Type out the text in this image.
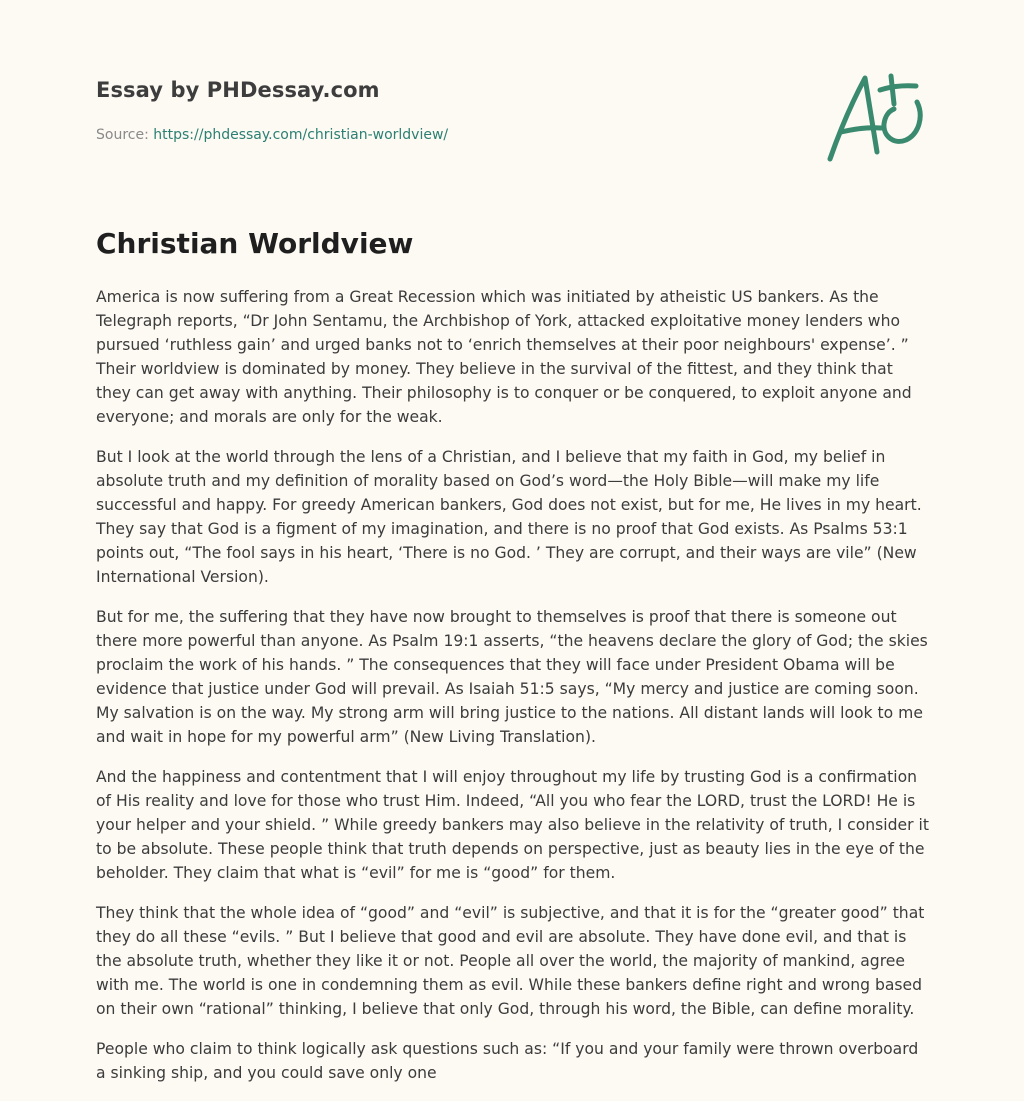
Essay by PHDessay.com
Source: https://phdessay.com/christian-worldview/
Christian Worldview

America is now suffering from a Great Recession which was initiated by atheistic US bankers. As the Telegraph reports, “Dr John Sentamu, the Archbishop of York, attacked exploitative money lenders who pursued ‘ruthless gain’ and urged banks not to ‘enrich themselves at their poor neighbours' expense’. ” Their worldview is dominated by money. They believe in the survival of the fittest, and they think that they can get away with anything. Their philosophy is to conquer or be conquered, to exploit anyone and everyone; and morals are only for the weak.

But I look at the world through the lens of a Christian, and I believe that my faith in God, my belief in absolute truth and my definition of morality based on God’s word—the Holy Bible—will make my life successful and happy. For greedy American bankers, God does not exist, but for me, He lives in my heart. They say that God is a figment of my imagination, and there is no proof that God exists. As Psalms 53:1 points out, “The fool says in his heart, ‘There is no God. ’ They are corrupt, and their ways are vile” (New International Version).

But for me, the suffering that they have now brought to themselves is proof that there is someone out there more powerful than anyone. As Psalm 19:1 asserts, “the heavens declare the glory of God; the skies proclaim the work of his hands. ” The consequences that they will face under President Obama will be evidence that justice under God will prevail. As Isaiah 51:5 says, “My mercy and justice are coming soon. My salvation is on the way. My strong arm will bring justice to the nations. All distant lands will look to me and wait in hope for my powerful arm” (New Living Translation).

And the happiness and contentment that I will enjoy throughout my life by trusting God is a confirmation of His reality and love for those who trust Him. Indeed, “All you who fear the LORD, trust the LORD! He is your helper and your shield. ” While greedy bankers may also believe in the relativity of truth, I consider it to be absolute. These people think that truth depends on perspective, just as beauty lies in the eye of the beholder. They claim that what is “evil” for me is “good” for them.

They think that the whole idea of “good” and “evil” is subjective, and that it is for the “greater good” that they do all these “evils. ” But I believe that good and evil are absolute. They have done evil, and that is the absolute truth, whether they like it or not. People all over the world, the majority of mankind, agree with me. The world is one in condemning them as evil. While these bankers define right and wrong based on their own “rational” thinking, I believe that only God, through his word, the Bible, can define morality.

People who claim to think logically ask questions such as: “If you and your family were thrown overboard a sinking ship, and you could save only one
